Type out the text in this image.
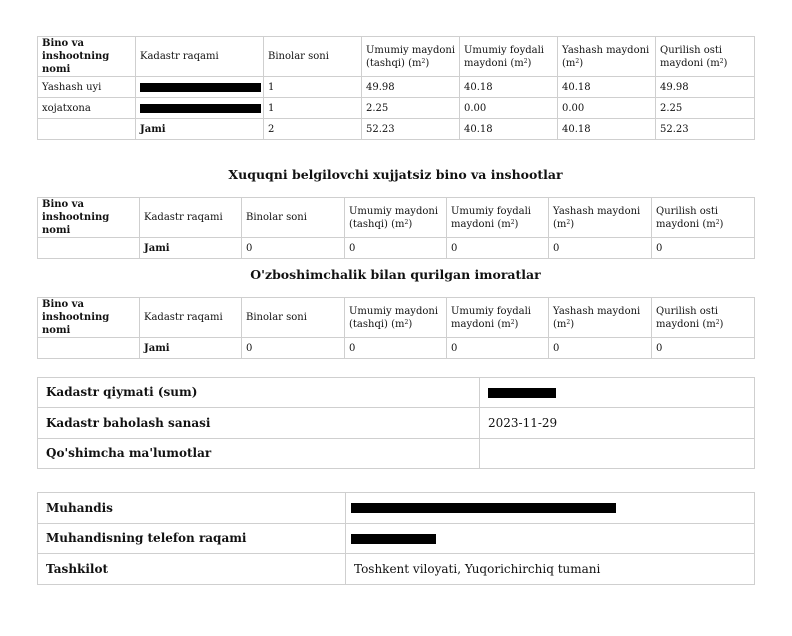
Bino va inshootning nomi	Kadastr raqami	Binolar soni	Umumiy maydoni (tashqi) $(m^2)$	Umumiy foydali maydoni $(m^2)$	Yashash maydoni $(m^2)$	Qurilish osti maydoni $(m^2)$
Yashash uyi		1	49.98	40.18	40.18	49.98
xojatxona		1	2.25	0.00	0.00	2.25
	Jami	2	52.23	40.18	40.18	52.23
Xuquqni belgilovchi xujjatsiz bino va inshootlar
Bino va inshootning nomi	Kadastr raqami	Binolar soni	Umumiy maydoni (tashqi) $(m^2)$	Umumiy foydali maydoni $(m^2)$	Yashash maydoni $(m^2)$	Qurilish osti maydoni $(m^2)$
	Jami	0	0	0	0	0
O'zboshimchalik bilan qurilgan imoratlar
Bino va inshootning nomi	Kadastr raqami	Binolar soni	Umumiy maydoni (tashqi) $(m^2)$	Umumiy foydali maydoni $(m^2)$	Yashash maydoni $(m^2)$	Qurilish osti maydoni $(m^2)$
	Jami	0	0	0	0	0
Kadastr qiymati (sum)	
Kadastr baholash sanasi	2023-11-29
Qo'shimcha ma'lumotlar	
Muhandis	
Muhandisning telefon raqami	
Tashkilot	Toshkent viloyati, Yuqorichirchiq tumani
